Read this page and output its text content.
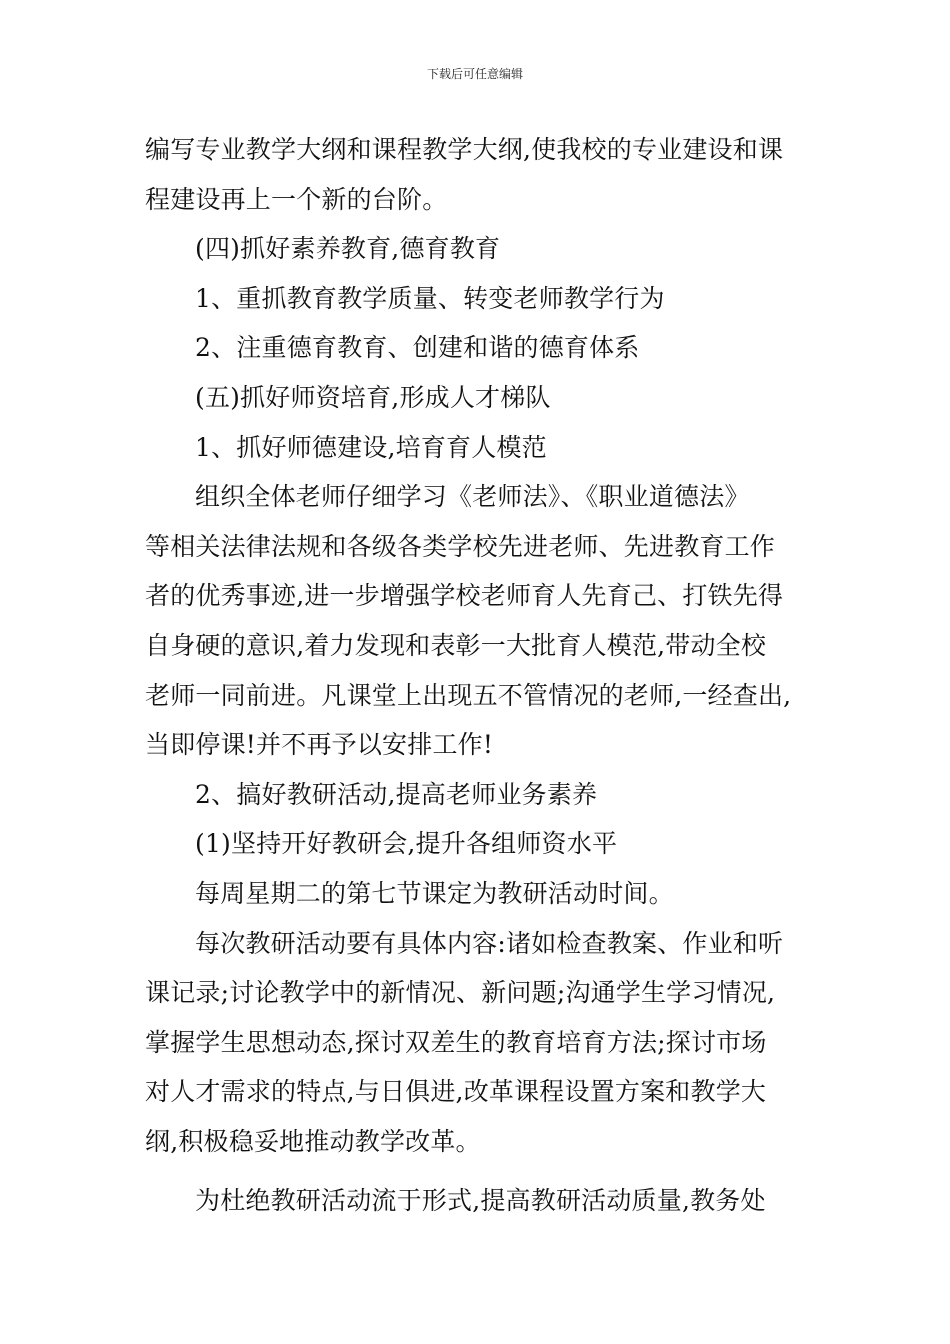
下载后可任意编辑
编写专业教学大纲和课程教学大纲,使我校的专业建设和课
程建设再上一个新的台阶。
(四)抓好素养教育,德育教育
1、重抓教育教学质量、转变老师教学行为
2、注重德育教育、创建和谐的德育体系
(五)抓好师资培育,形成人才梯队
1、抓好师德建设,培育育人模范
组织全体老师仔细学习《老师法》、《职业道德法》
等相关法律法规和各级各类学校先进老师、先进教育工作
者的优秀事迹,进一步增强学校老师育人先育己、打铁先得
自身硬的意识,着力发现和表彰一大批育人模范,带动全校
老师一同前进。凡课堂上出现五不管情况的老师,一经查出,
当即停课!并不再予以安排工作!
2、搞好教研活动,提高老师业务素养
(1)坚持开好教研会,提升各组师资水平
每周星期二的第七节课定为教研活动时间。
每次教研活动要有具体内容:诸如检查教案、作业和听
课记录;讨论教学中的新情况、新问题;沟通学生学习情况,
掌握学生思想动态,探讨双差生的教育培育方法;探讨市场
对人才需求的特点,与日俱进,改革课程设置方案和教学大
纲,积极稳妥地推动教学改革。
为杜绝教研活动流于形式,提高教研活动质量,教务处
